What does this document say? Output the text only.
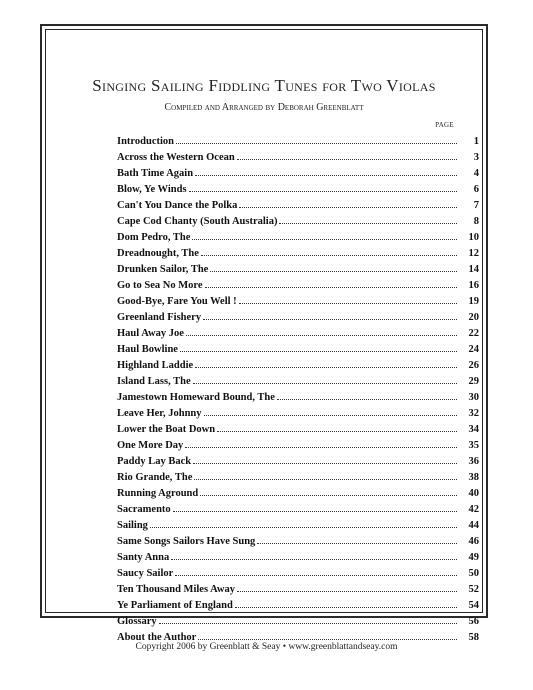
Singing Sailing Fiddling Tunes for Two Violas
Compiled and Arranged by Deborah Greenblatt
PAGE
Introduction	1
Across the Western Ocean	3
Bath Time Again	4
Blow, Ye Winds	6
Can't You Dance the Polka	7
Cape Cod Chanty (South Australia)	8
Dom Pedro, The	10
Dreadnought, The	12
Drunken Sailor, The	14
Go to Sea No More	16
Good-Bye, Fare You Well !	19
Greenland Fishery	20
Haul Away Joe	22
Haul Bowline	24
Highland Laddie	26
Island Lass, The	29
Jamestown Homeward Bound, The	30
Leave Her, Johnny	32
Lower the Boat Down	34
One More Day	35
Paddy Lay Back	36
Rio Grande, The	38
Running Aground	40
Sacramento	42
Sailing	44
Same Songs Sailors Have Sung	46
Santy Anna	49
Saucy Sailor	50
Ten Thousand Miles Away	52
Ye Parliament of England	54
Glossary	56
About the Author	58
Copyright 2006 by Greenblatt & Seay • www.greenblattandseay.com
